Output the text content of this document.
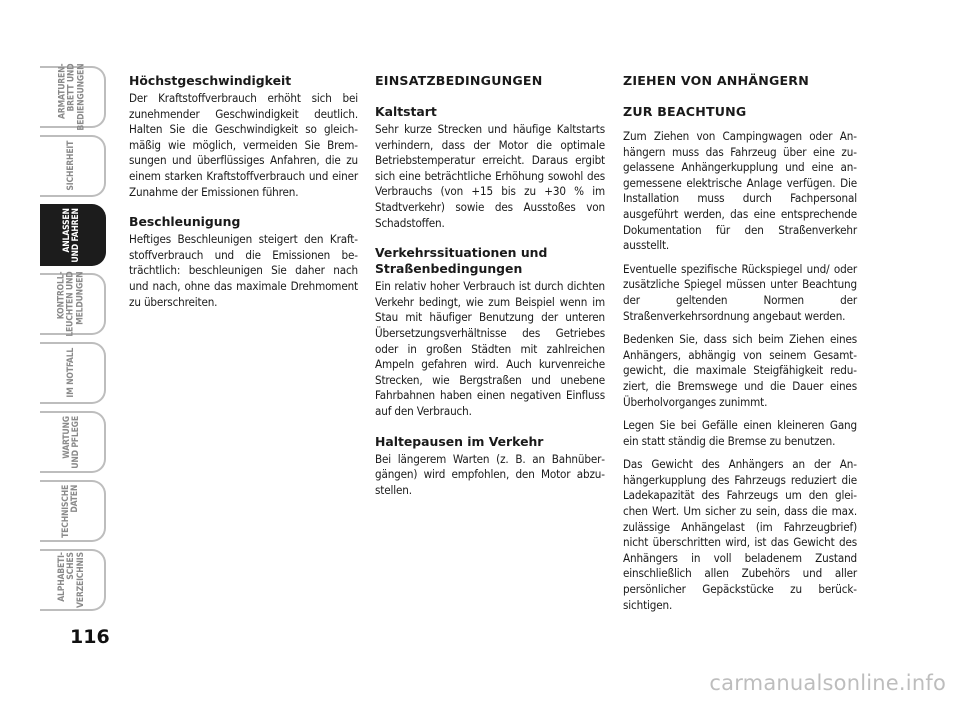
ARMATUREN-
BRETT UND
BEDIENGUNGEN
SICHERHEIT
ANLASSEN
UND FAHREN
KONTROLL-
LEUCHTEN UND
MELDUNGEN
IM NOTFALL
WARTUNG
UND PFLEGE
TECHNISCHE
DATEN
ALPHABETI-
SCHES
VERZEICHNIS
116
Höchstgeschwindigkeit

Der Kraftstoffverbrauch erhöht sich bei zunehmender Geschwindigkeit deutlich. Halten Sie die Geschwindigkeit so gleichmäßig wie möglich, vermeiden Sie Bremsungen und überflüssiges Anfahren, die zu einem starken Kraftstoffverbrauch und einer Zunahme der Emissionen führen.

Beschleunigung

Heftiges Beschleunigen steigert den Kraftstoffverbrauch und die Emissionen beträchtlich: beschleunigen Sie daher nach und nach, ohne das maximale Drehmoment zu überschreiten.

EINSATZBEDINGUNGEN
Kaltstart

Sehr kurze Strecken und häufige Kaltstarts verhindern, dass der Motor die optimale Betriebstemperatur erreicht. Daraus ergibt sich eine beträchtliche Erhöhung sowohl des Verbrauchs (von +15 bis zu +30 % im Stadtverkehr) sowie des Ausstoßes von Schadstoffen.

Verkehrssituationen und Straßenbedingungen

Ein relativ hoher Verbrauch ist durch dichten Verkehr bedingt, wie zum Beispiel wenn im Stau mit häufiger Benutzung der unteren Übersetzungsverhältnisse des Getriebes oder in großen Städten mit zahlreichen Ampeln gefahren wird. Auch kurvenreiche Strecken, wie Bergstraßen und unebene Fahrbahnen haben einen negativen Einfluss auf den Verbrauch.

Haltepausen im Verkehr

Bei längerem Warten (z. B. an Bahnübergängen) wird empfohlen, den Motor abzustellen.

ZIEHEN VON ANHÄNGERN
ZUR BEACHTUNG

Zum Ziehen von Campingwagen oder Anhängern muss das Fahrzeug über eine zugelassene Anhängerkupplung und eine angemessene elektrische Anlage verfügen. Die Installation muss durch Fachpersonal ausgeführt werden, das eine entsprechende Dokumentation für den Straßenverkehr ausstellt.

Eventuelle spezifische Rückspiegel und/ oder zusätzliche Spiegel müssen unter Beachtung der geltenden Normen der Straßenverkehrsordnung angebaut werden.

Bedenken Sie, dass sich beim Ziehen eines Anhängers, abhängig von seinem Gesamtgewicht, die maximale Steigfähigkeit reduziert, die Bremswege und die Dauer eines Überholvorganges zunimmt.

Legen Sie bei Gefälle einen kleineren Gang ein statt ständig die Bremse zu benutzen.

Das Gewicht des Anhängers an der Anhängerkupplung des Fahrzeugs reduziert die Ladekapazität des Fahrzeugs um den gleichen Wert. Um sicher zu sein, dass die max. zulässige Anhängelast (im Fahrzeugbrief) nicht überschritten wird, ist das Gewicht des Anhängers in voll beladenem Zustand einschließlich allen Zubehörs und aller persönlicher Gepäckstücke zu berücksichtigen.

carmanualsonline.info
